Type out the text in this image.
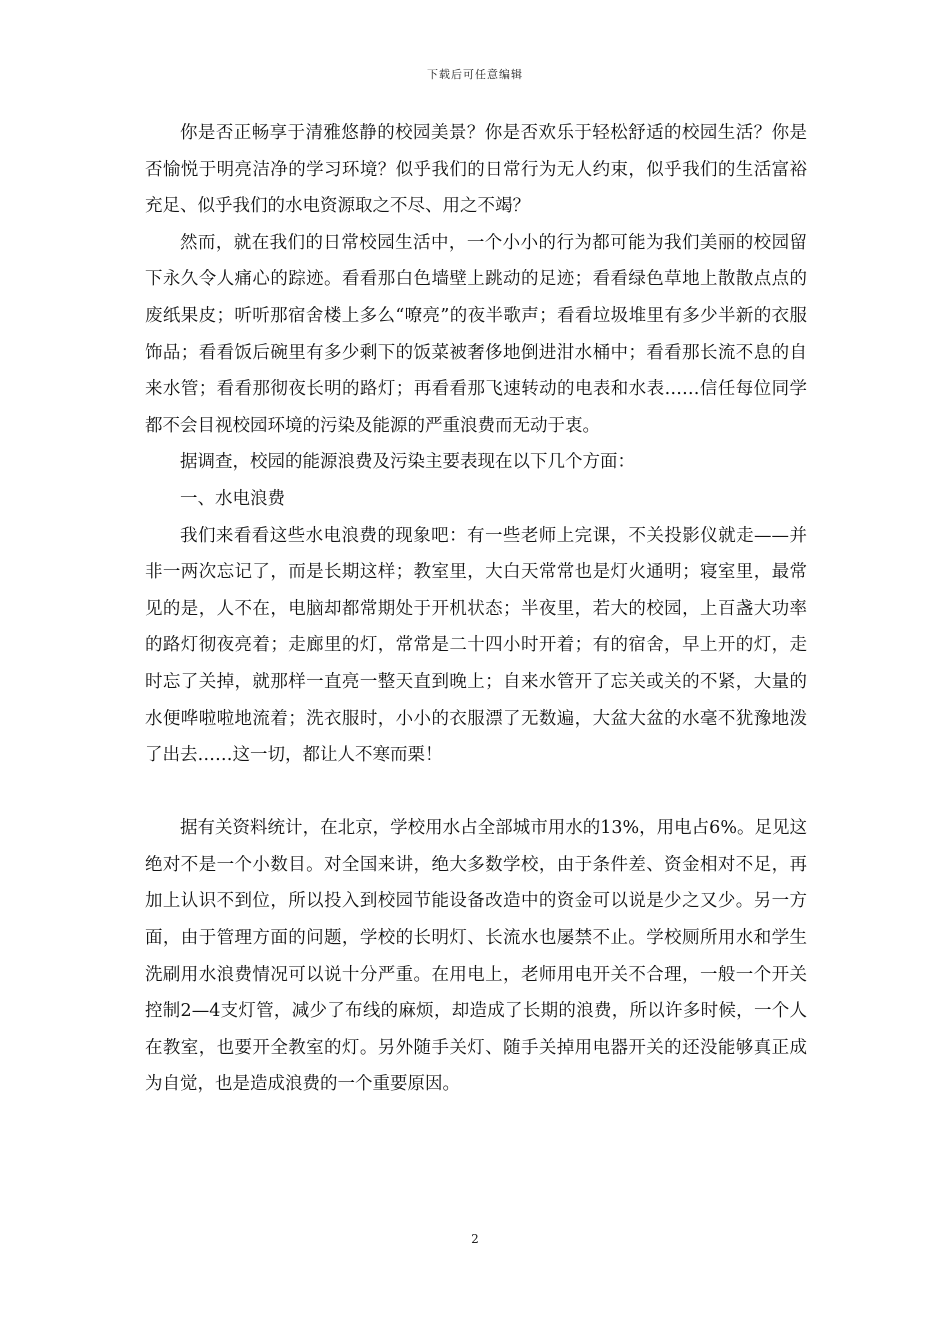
下载后可任意编辑

你是否正畅享于清雅悠静的校园美景？你是否欢乐于轻松舒适的校园生活？你是否愉悦于明亮洁净的学习环境？似乎我们的日常行为无人约束，似乎我们的生活富裕充足、似乎我们的水电资源取之不尽、用之不竭？

然而，就在我们的日常校园生活中，一个小小的行为都可能为我们美丽的校园留下永久令人痛心的踪迹。看看那白色墙壁上跳动的足迹；看看绿色草地上散散点点的废纸果皮；听听那宿舍楼上多么“嘹亮”的夜半歌声；看看垃圾堆里有多少半新的衣服饰品；看看饭后碗里有多少剩下的饭菜被奢侈地倒进泔水桶中；看看那长流不息的自来水管；看看那彻夜长明的路灯；再看看那飞速转动的电表和水表……信任每位同学都不会目视校园环境的污染及能源的严重浪费而无动于衷。

据调查，校园的能源浪费及污染主要表现在以下几个方面：

一、水电浪费

我们来看看这些水电浪费的现象吧：有一些老师上完课，不关投影仪就走——并非一两次忘记了，而是长期这样；教室里，大白天常常也是灯火通明；寝室里，最常见的是，人不在，电脑却都常期处于开机状态；半夜里，若大的校园，上百盏大功率的路灯彻夜亮着；走廊里的灯，常常是二十四小时开着；有的宿舍，早上开的灯，走时忘了关掉，就那样一直亮一整天直到晚上；自来水管开了忘关或关的不紧，大量的水便哗啦啦地流着；洗衣服时，小小的衣服漂了无数遍，大盆大盆的水毫不犹豫地泼了出去……这一切，都让人不寒而栗！

据有关资料统计，在北京，学校用水占全部城市用水的13%，用电占6%。足见这绝对不是一个小数目。对全国来讲，绝大多数学校，由于条件差、资金相对不足，再加上认识不到位，所以投入到校园节能设备改造中的资金可以说是少之又少。另一方面，由于管理方面的问题，学校的长明灯、长流水也屡禁不止。学校厕所用水和学生洗刷用水浪费情况可以说十分严重。在用电上，老师用电开关不合理，一般一个开关控制2—4支灯管，减少了布线的麻烦，却造成了长期的浪费，所以许多时候，一个人在教室，也要开全教室的灯。另外随手关灯、随手关掉用电器开关的还没能够真正成为自觉，也是造成浪费的一个重要原因。

2
